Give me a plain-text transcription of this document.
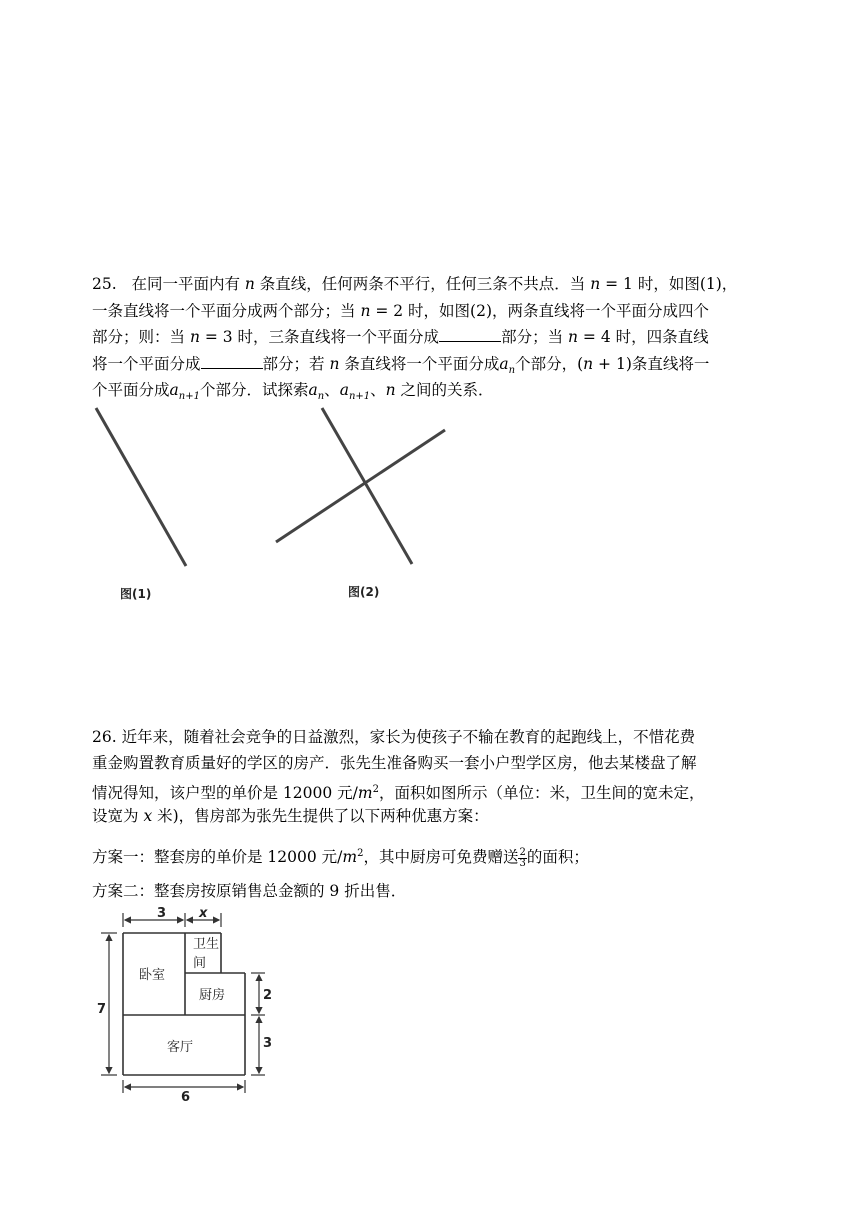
25. 在同一平面内有 n 条直线，任何两条不平行，任何三条不共点．当 n = 1 时，如图(1)，
一条直线将一个平面分成两个部分；当 n = 2 时，如图(2)，两条直线将一个平面分成四个
部分；则：当 n = 3 时，三条直线将一个平面分成	部分；当 n = 4 时，四条直线
将一个平面分成	部分；若 n 条直线将一个平面分成$a_n$个部分，(n + 1)条直线将一
个平面分成$a_{n+1}$个部分．试探索$a_n$、$a_{n+1}$、n 之间的关系．
图(1)	图(2)
26. 近年来，随着社会竞争的日益激烈，家长为使孩子不输在教育的起跑线上，不惜花费
重金购置教育质量好的学区的房产．张先生准备购买一套小户型学区房，他去某楼盘了解
情况得知，该户型的单价是 12000 元$/m^2$，面积如图所示（单位：米，卫生间的宽未定，
设宽为 x 米)，售房部为张先生提供了以下两种优惠方案：
方案一：整套房的单价是 12000 元$/m^2$，其中厨房可免费赠送 $\frac{2}{3}$ 的面积；
方案二：整套房按原销售总金额的 9 折出售．
3	x
7
2
3
6
卫生
间
卧室
厨房
客厅
